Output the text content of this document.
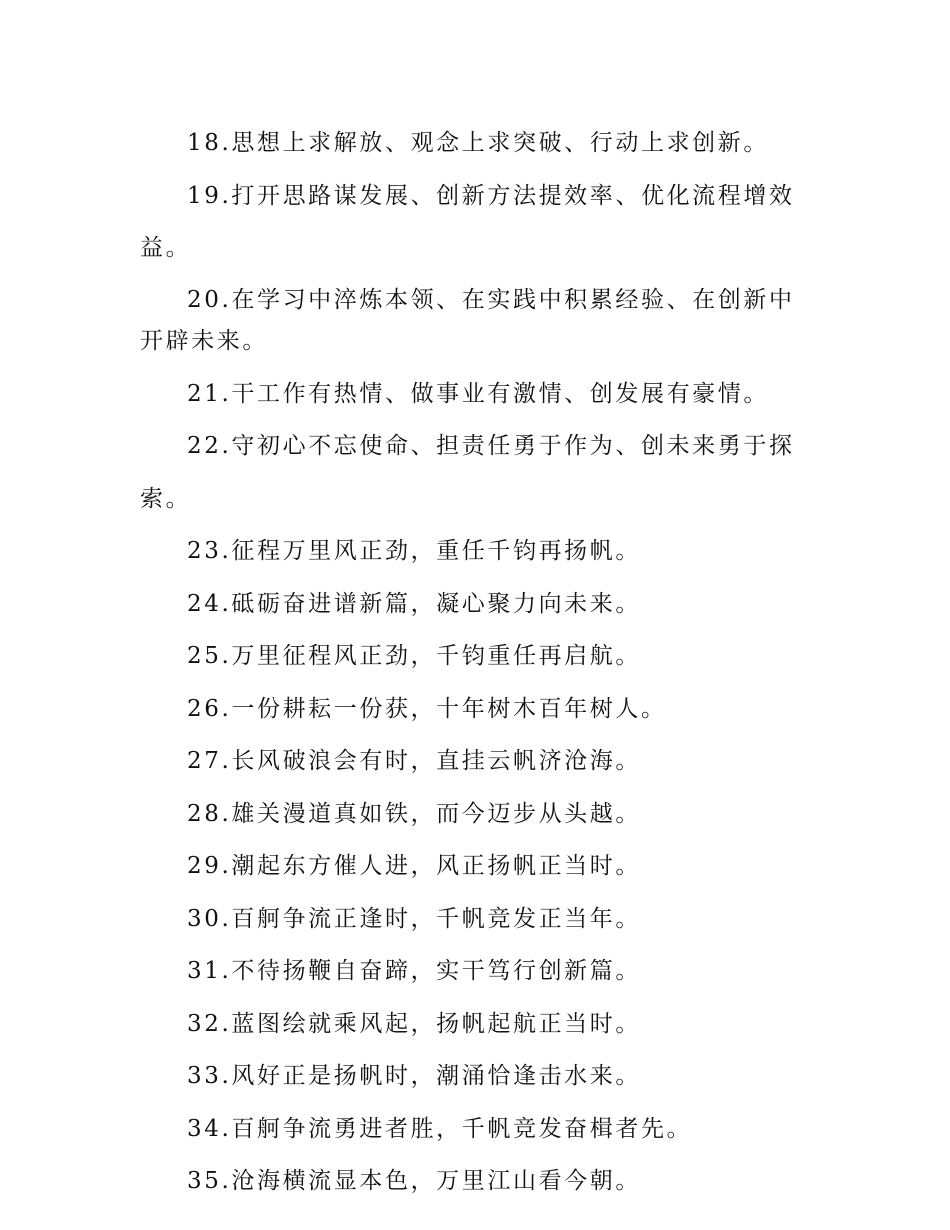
18.思想上求解放、观念上求突破、行动上求创新。

19.打开思路谋发展、创新方法提效率、优化流程增效益。

20.在学习中淬炼本领、在实践中积累经验、在创新中开辟未来。

21.干工作有热情、做事业有激情、创发展有豪情。

22.守初心不忘使命、担责任勇于作为、创未来勇于探索。

23.征程万里风正劲，重任千钧再扬帆。

24.砥砺奋进谱新篇，凝心聚力向未来。

25.万里征程风正劲，千钧重任再启航。

26.一份耕耘一份获，十年树木百年树人。

27.长风破浪会有时，直挂云帆济沧海。

28.雄关漫道真如铁，而今迈步从头越。

29.潮起东方催人进，风正扬帆正当时。

30.百舸争流正逢时，千帆竞发正当年。

31.不待扬鞭自奋蹄，实干笃行创新篇。

32.蓝图绘就乘风起，扬帆起航正当时。

33.风好正是扬帆时，潮涌恰逢击水来。

34.百舸争流勇进者胜，千帆竞发奋楫者先。

35.沧海横流显本色，万里江山看今朝。
